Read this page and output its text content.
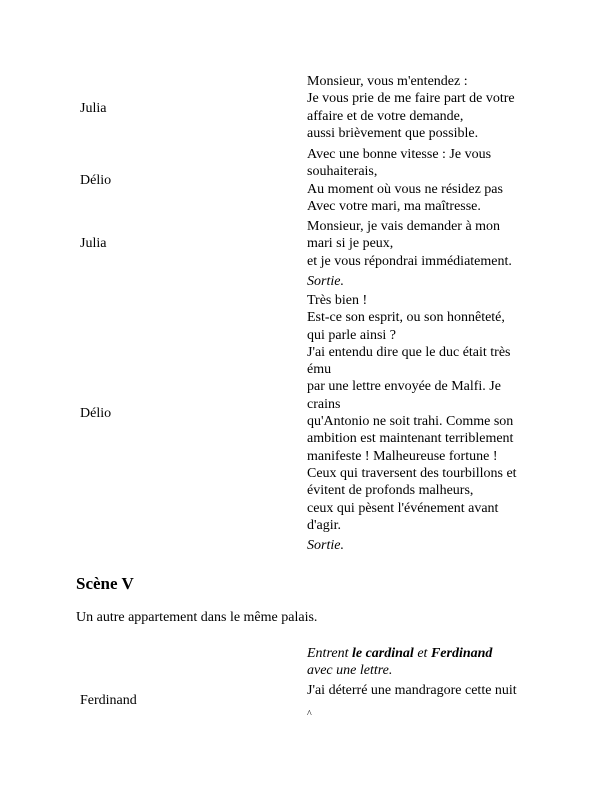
Julia
Monsieur, vous m'entendez :
Je vous prie de me faire part de votre
affaire et de votre demande,
aussi brièvement que possible.
Délio
Avec une bonne vitesse : Je vous
souhaiterais,
Au moment où vous ne résidez pas
Avec votre mari, ma maîtresse.
Julia
Monsieur, je vais demander à mon
mari si je peux,
et je vous répondrai immédiatement.
Sortie.
Délio
Très bien !
Est-ce son esprit, ou son honnêteté,
qui parle ainsi ?
J'ai entendu dire que le duc était très
ému
par une lettre envoyée de Malfi. Je
crains
qu'Antonio ne soit trahi. Comme son
ambition est maintenant terriblement
manifeste ! Malheureuse fortune !
Ceux qui traversent des tourbillons et
évitent de profonds malheurs,
ceux qui pèsent l'événement avant
d'agir.
Sortie.
Scène V
Un autre appartement dans le même palais.
Entrent le cardinal et Ferdinand
avec une lettre.
Ferdinand
J'ai déterré une mandragore cette nuit
^
